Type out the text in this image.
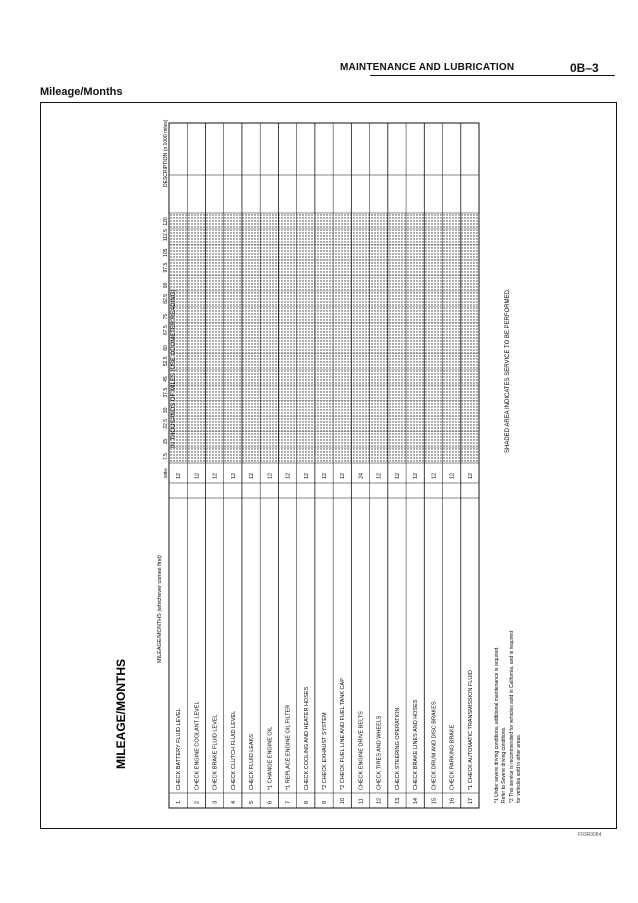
MAINTENANCE AND LUBRICATION	0B–3
Mileage/Months
MILEAGE/MONTHS
MILEAGE/MONTHS (whichever comes first)
IN THOUSANDS OF MILES (USE ODOMETER READING)
(x 1000 miles)
DESCRIPTION
Mths
7.5
15
22.5
30
37.5
45
52.5
60
67.5
75
82.5
90
97.5
105
112.5
120
1
CHECK BATTERY FLUID LEVEL
12
2
CHECK ENGINE COOLANT LEVEL
12
3
CHECK BRAKE FLUID LEVEL
12
4
CHECK CLUTCH FLUID LEVEL
12
5
CHECK FLUID LEAKS
12
6
*1 CHANGE ENGINE OIL
12
7
*1 REPLACE ENGINE OIL FILTER
12
8
CHECK COOLING AND HEATER HOSES
12
9
*2 CHECK EXHAUST SYSTEM
12
10
*2 CHECK FUEL LINE AND FUEL TANK CAP
12
11
CHECK ENGINE DRIVE BELTS
24
12
CHECK TIRES AND WHEELS
12
13
CHECK STEERING OPERATION
12
14
CHECK BRAKE LINES AND HOSES
12
15
CHECK DRUM AND DISC BRAKES
12
16
CHECK PARKING BRAKE
12
17
*1 CHECK AUTOMATIC TRANSMISSION FLUID
12
*1 Under severe driving conditions, additional maintenance is required. Refer to Severe driving conditions. *2 This service is recommended for vehicles sold in California, and is required for vehicles sold in other areas.
SHADED AREA INDICATES SERVICE TO BE PERFORMED.
F03R0084
